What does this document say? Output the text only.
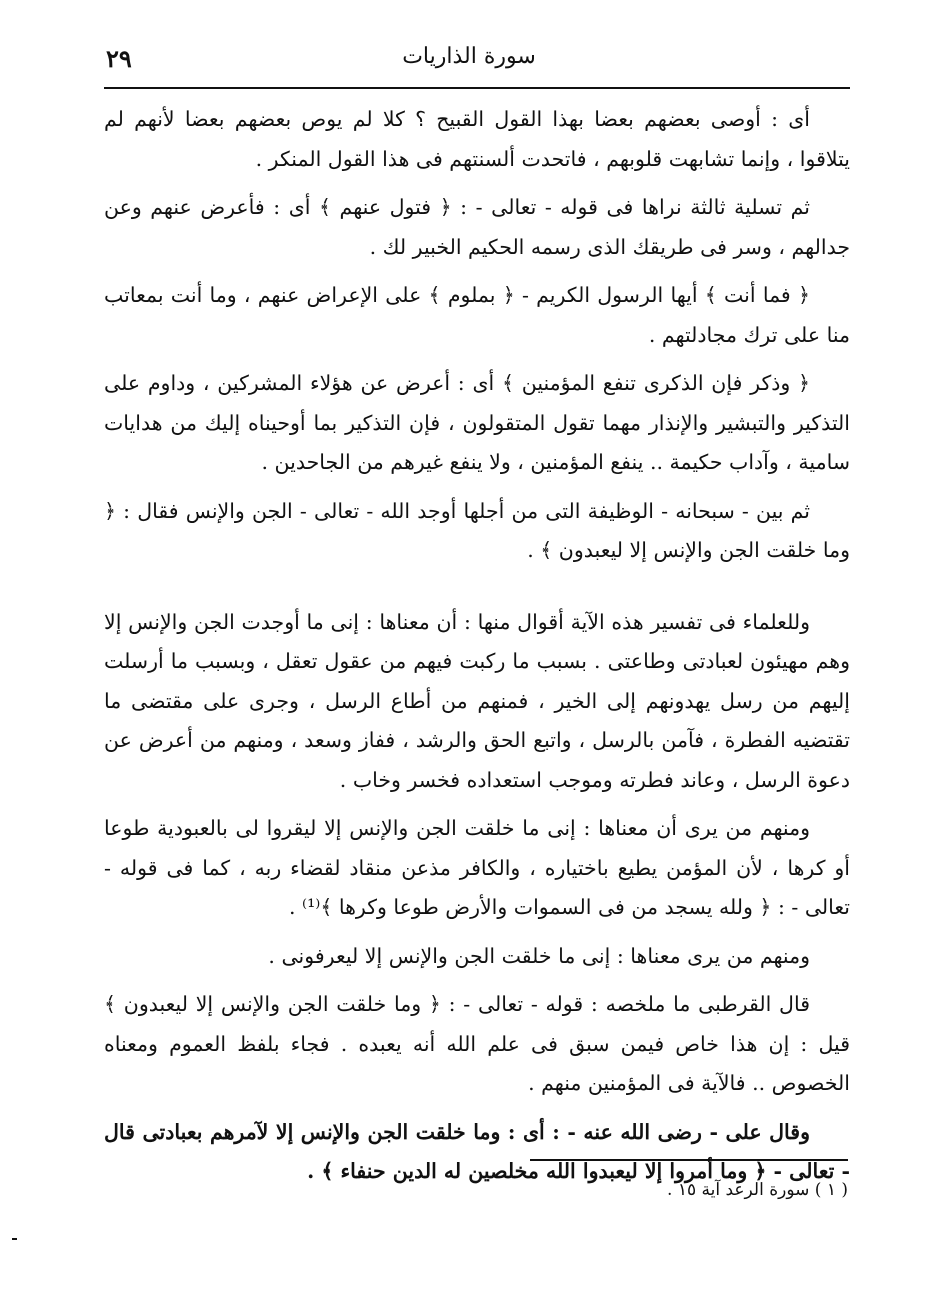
٢٩	سورة الذاريات

أى : أوصى بعضهم بعضا بهذا القول القبيح ؟ كلا لم يوص بعضهم بعضا لأنهم لم يتلاقوا ، وإنما تشابهت قلوبهم ، فاتحدت ألسنتهم فى هذا القول المنكر .

ثم تسلية ثالثة نراها فى قوله - تعالى - : ﴿ فتول عنهم ﴾ أى : فأعرض عنهم وعن جدالهم ، وسر فى طريقك الذى رسمه الحكيم الخبير لك .

﴿ فما أنت ﴾ أيها الرسول الكريم - ﴿ بملوم ﴾ على الإعراض عنهم ، وما أنت بمعاتب منا على ترك مجادلتهم .

﴿ وذكر فإن الذكرى تنفع المؤمنين ﴾ أى : أعرض عن هؤلاء المشركين ، وداوم على التذكير والتبشير والإنذار مهما تقول المتقولون ، فإن التذكير بما أوحيناه إليك من هدايات سامية ، وآداب حكيمة .. ينفع المؤمنين ، ولا ينفع غيرهم من الجاحدين .

ثم بين - سبحانه - الوظيفة التى من أجلها أوجد الله - تعالى - الجن والإنس فقال : ﴿ وما خلقت الجن والإنس إلا ليعبدون ﴾ .

وللعلماء فى تفسير هذه الآية أقوال منها : أن معناها : إنى ما أوجدت الجن والإنس إلا وهم مهيئون لعبادتى وطاعتى . بسبب ما ركبت فيهم من عقول تعقل ، وبسبب ما أرسلت إليهم من رسل يهدونهم إلى الخير ، فمنهم من أطاع الرسل ، وجرى على مقتضى ما تقتضيه الفطرة ، فآمن بالرسل ، واتبع الحق والرشد ، ففاز وسعد ، ومنهم من أعرض عن دعوة الرسل ، وعاند فطرته وموجب استعداده فخسر وخاب .

ومنهم من يرى أن معناها : إنى ما خلقت الجن والإنس إلا ليقروا لى بالعبودية طوعا أو كرها ، لأن المؤمن يطيع باختياره ، والكافر مذعن منقاد لقضاء ربه ، كما فى قوله - تعالى - : ﴿ ولله يسجد من فى السموات والأرض طوعا وكرها ﴾⁽¹⁾ .

ومنهم من يرى معناها : إنى ما خلقت الجن والإنس إلا ليعرفونى .

قال القرطبى ما ملخصه : قوله - تعالى - : ﴿ وما خلقت الجن والإنس إلا ليعبدون ﴾ قيل : إن هذا خاص فيمن سبق فى علم الله أنه يعبده . فجاء بلفظ العموم ومعناه الخصوص .. فالآية فى المؤمنين منهم .

وقال على - رضى الله عنه - : أى : وما خلقت الجن والإنس إلا لآمرهم بعبادتى قال - تعالى - ﴿ وما أمروا إلا ليعبدوا الله مخلصين له الدين حنفاء ﴾ .

( ١ ) سورة الرعد آية ١٥ .
